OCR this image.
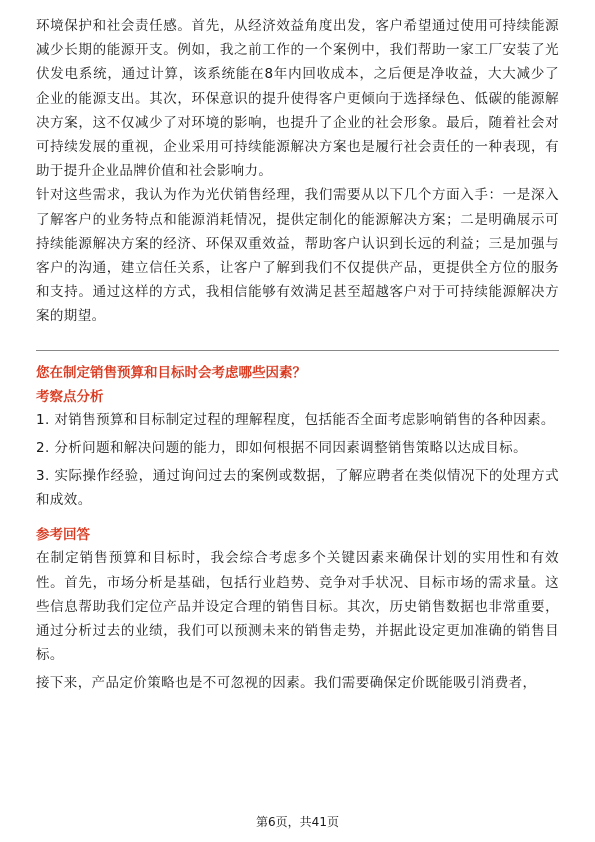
环境保护和社会责任感。首先，从经济效益角度出发，客户希望通过使用可持续能源减少长期的能源开支。例如，我之前工作的一个案例中，我们帮助一家工厂安装了光伏发电系统，通过计算，该系统能在8年内回收成本，之后便是净收益，大大减少了企业的能源支出。其次，环保意识的提升使得客户更倾向于选择绿色、低碳的能源解决方案，这不仅减少了对环境的影响，也提升了企业的社会形象。最后，随着社会对可持续发展的重视，企业采用可持续能源解决方案也是履行社会责任的一种表现，有助于提升企业品牌价值和社会影响力。

针对这些需求，我认为作为光伏销售经理，我们需要从以下几个方面入手：一是深入了解客户的业务特点和能源消耗情况，提供定制化的能源解决方案；二是明确展示可持续能源解决方案的经济、环保双重效益，帮助客户认识到长远的利益；三是加强与客户的沟通，建立信任关系，让客户了解到我们不仅提供产品，更提供全方位的服务和支持。通过这样的方式，我相信能够有效满足甚至超越客户对于可持续能源解决方案的期望。

您在制定销售预算和目标时会考虑哪些因素？
考察点分析

1. 对销售预算和目标制定过程的理解程度，包括能否全面考虑影响销售的各种因素。

2. 分析问题和解决问题的能力，即如何根据不同因素调整销售策略以达成目标。

3. 实际操作经验，通过询问过去的案例或数据，了解应聘者在类似情况下的处理方式和成效。

参考回答

在制定销售预算和目标时，我会综合考虑多个关键因素来确保计划的实用性和有效性。首先，市场分析是基础，包括行业趋势、竞争对手状况、目标市场的需求量。这些信息帮助我们定位产品并设定合理的销售目标。其次，历史销售数据也非常重要，通过分析过去的业绩，我们可以预测未来的销售走势，并据此设定更加准确的销售目标。

接下来，产品定价策略也是不可忽视的因素。我们需要确保定价既能吸引消费者，

第6页，共41页
